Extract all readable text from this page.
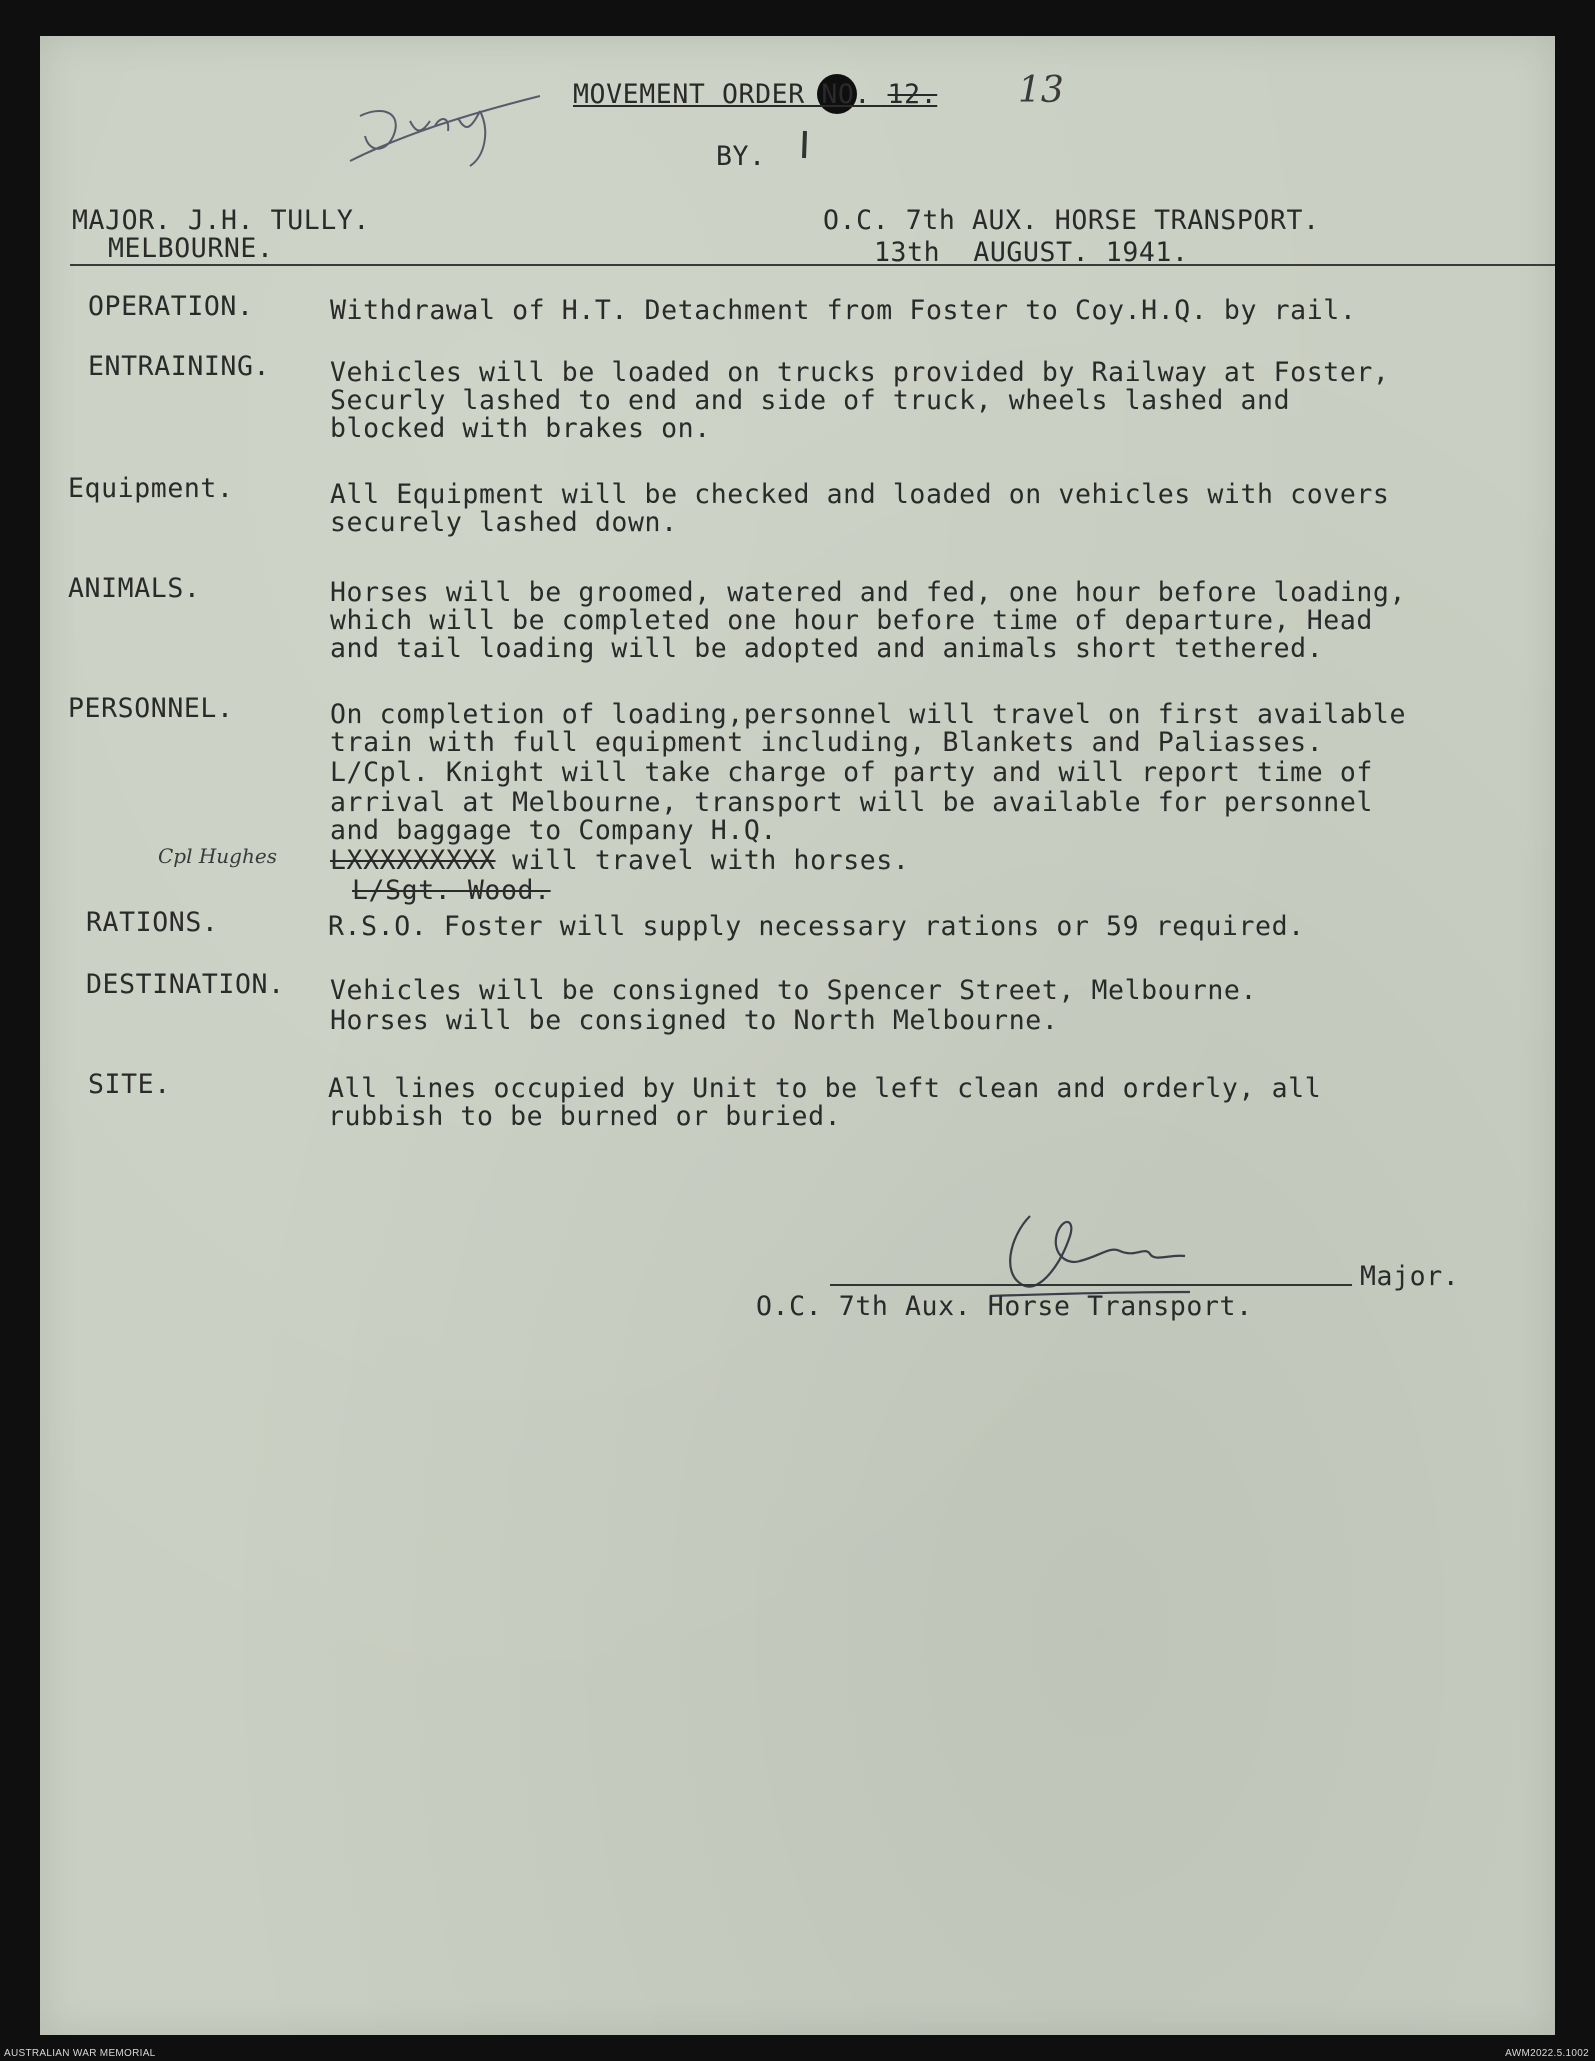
MOVEMENT ORDER NO. 12. 13
BY.
MAJOR. J.H. TULLY.
MELBOURNE.
O.C. 7th AUX. HORSE TRANSPORT.
13th  AUGUST. 1941.
OPERATION.	Withdrawal of H.T. Detachment from Foster to Coy.H.Q. by rail.
ENTRAINING. Vehicles will be loaded on trucks provided by Railway at Foster,
Securly lashed to end and side of truck, wheels lashed and
blocked with brakes on.
Equipment.	All Equipment will be checked and loaded on vehicles with covers
securely lashed down.
ANIMALS.	Horses will be groomed, watered and fed, one hour before loading,
which will be completed one hour before time of departure, Head
and tail loading will be adopted and animals short tethered.
PERSONNEL.	On completion of loading,personnel will travel on first available
train with full equipment including, Blankets and Paliasses.
L/Cpl. Knight will take charge of party and will report time of
arrival at Melbourne, transport will be available for personnel
and baggage to Company H.Q.
Cpl Hughes LXXXXXXXXX will travel with horses.
L/Sgt. Wood.
RATIONS.	R.S.O. Foster will supply necessary rations or 59 required.
DESTINATION. Vehicles will be consigned to Spencer Street, Melbourne.
Horses will be consigned to North Melbourne.
SITE.	All lines occupied by Unit to be left clean and orderly, all
rubbish to be burned or buried.
Major.
O.C. 7th Aux. Horse Transport.
AUSTRALIAN WAR MEMORIAL	AWM2022.5.1002
